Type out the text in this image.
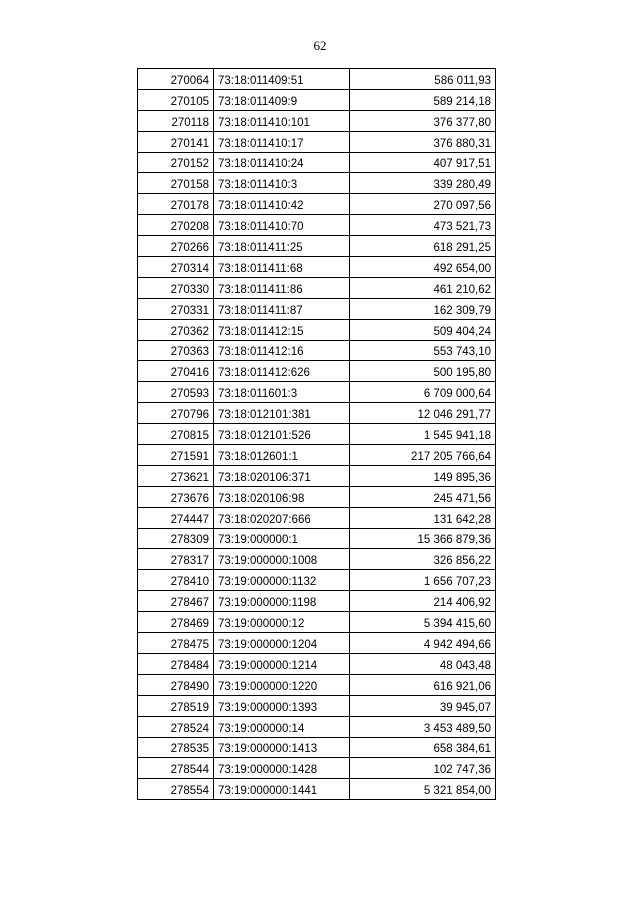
62
270064	73:18:011409:51	586 011,93
270105	73:18:011409:9	589 214,18
270118	73:18:011410:101	376 377,80
270141	73:18:011410:17	376 880,31
270152	73:18:011410:24	407 917,51
270158	73:18:011410:3	339 280,49
270178	73:18:011410:42	270 097,56
270208	73:18:011410:70	473 521,73
270266	73:18:011411:25	618 291,25
270314	73:18:011411:68	492 654,00
270330	73:18:011411:86	461 210,62
270331	73:18:011411:87	162 309,79
270362	73:18:011412:15	509 404,24
270363	73:18:011412:16	553 743,10
270416	73:18:011412:626	500 195,80
270593	73:18:011601:3	6 709 000,64
270796	73:18:012101:381	12 046 291,77
270815	73:18:012101:526	1 545 941,18
271591	73:18:012601:1	217 205 766,64
273621	73:18:020106:371	149 895,36
273676	73:18:020106:98	245 471,56
274447	73:18:020207:666	131 642,28
278309	73:19:000000:1	15 366 879,36
278317	73:19:000000:1008	326 856,22
278410	73:19:000000:1132	1 656 707,23
278467	73:19:000000:1198	214 406,92
278469	73:19:000000:12	5 394 415,60
278475	73:19:000000:1204	4 942 494,66
278484	73:19:000000:1214	48 043,48
278490	73:19:000000:1220	616 921,06
278519	73:19:000000:1393	39 945,07
278524	73:19:000000:14	3 453 489,50
278535	73:19:000000:1413	658 384,61
278544	73:19:000000:1428	102 747,36
278554	73:19:000000:1441	5 321 854,00
